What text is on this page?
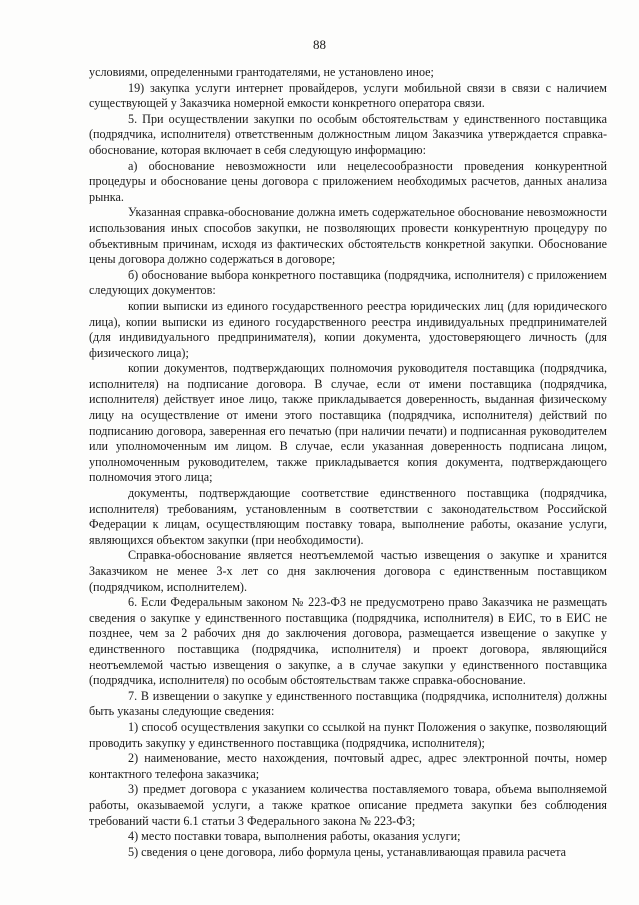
88

условиями, определенными грантодателями, не установлено иное;

19) закупка услуги интернет провайдеров, услуги мобильной связи в связи с наличием существующей у Заказчика номерной емкости конкретного оператора связи.

5. При осуществлении закупки по особым обстоятельствам у единственного поставщика (подрядчика, исполнителя) ответственным должностным лицом Заказчика утверждается справка-обоснование, которая включает в себя следующую информацию:

а) обоснование невозможности или нецелесообразности проведения конкурентной процедуры и обоснование цены договора с приложением необходимых расчетов, данных анализа рынка.

Указанная справка-обоснование должна иметь содержательное обоснование невозможности использования иных способов закупки, не позволяющих провести конкурентную процедуру по объективным причинам, исходя из фактических обстоятельств конкретной закупки. Обоснование цены договора должно содержаться в договоре;

б) обоснование выбора конкретного поставщика (подрядчика, исполнителя) с приложением следующих документов:

копии выписки из единого государственного реестра юридических лиц (для юридического лица), копии выписки из единого государственного реестра индивидуальных предпринимателей (для индивидуального предпринимателя), копии документа, удостоверяющего личность (для физического лица);

копии документов, подтверждающих полномочия руководителя поставщика (подрядчика, исполнителя) на подписание договора. В случае, если от имени поставщика (подрядчика, исполнителя) действует иное лицо, также прикладывается доверенность, выданная физическому лицу на осуществление от имени этого поставщика (подрядчика, исполнителя) действий по подписанию договора, заверенная его печатью (при наличии печати) и подписанная руководителем или уполномоченным им лицом. В случае, если указанная доверенность подписана лицом, уполномоченным руководителем, также прикладывается копия документа, подтверждающего полномочия этого лица;

документы, подтверждающие соответствие единственного поставщика (подрядчика, исполнителя) требованиям, установленным в соответствии с законодательством Российской Федерации к лицам, осуществляющим поставку товара, выполнение работы, оказание услуги, являющихся объектом закупки (при необходимости).

Справка-обоснование является неотъемлемой частью извещения о закупке и хранится Заказчиком не менее 3-х лет со дня заключения договора с единственным поставщиком (подрядчиком, исполнителем).

6. Если Федеральным законом № 223-ФЗ не предусмотрено право Заказчика не размещать сведения о закупке у единственного поставщика (подрядчика, исполнителя) в ЕИС, то в ЕИС не позднее, чем за 2 рабочих дня до заключения договора, размещается извещение о закупке у единственного поставщика (подрядчика, исполнителя) и проект договора, являющийся неотъемлемой частью извещения о закупке, а в случае закупки у единственного поставщика (подрядчика, исполнителя) по особым обстоятельствам также справка-обоснование.

7. В извещении о закупке у единственного поставщика (подрядчика, исполнителя) должны быть указаны следующие сведения:

1) способ осуществления закупки со ссылкой на пункт Положения о закупке, позволяющий проводить закупку у единственного поставщика (подрядчика, исполнителя);

2) наименование, место нахождения, почтовый адрес, адрес электронной почты, номер контактного телефона заказчика;

3) предмет договора с указанием количества поставляемого товара, объема выполняемой работы, оказываемой услуги, а также краткое описание предмета закупки без соблюдения требований части 6.1 статьи 3 Федерального закона № 223-ФЗ;

4) место поставки товара, выполнения работы, оказания услуги;

5) сведения о цене договора, либо формула цены, устанавливающая правила расчета
